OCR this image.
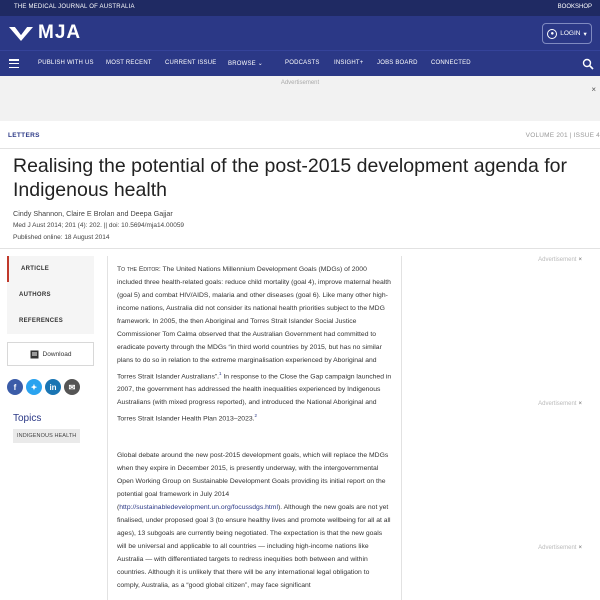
THE MEDICAL JOURNAL OF AUSTRALIA	BOOKSHOP
MJA	● LOGIN ▾
PUBLISH WITH US MOST RECENT CURRENT ISSUE BROWSE ⌄	PODCASTS INSIGHT+ JOBS BOARD CONNECTED
Advertisement
×
LETTERS	VOLUME 201 | ISSUE 4
Realising the potential of the post-2015 development agenda for Indigenous health
Cindy Shannon, Claire E Brolan and Deepa Gajjar
Med J Aust 2014; 201 (4): 202. || doi: 10.5694/mja14.00059
Published online: 18 August 2014
ARTICLE
AUTHORS
REFERENCES
Download
f	✦	in	✉
Topics
INDIGENOUS HEALTH

To the Editor: The United Nations Millennium Development Goals (MDGs) of 2000 included three health-related goals: reduce child mortality (goal 4), improve maternal health (goal 5) and combat HIV/AIDS, malaria and other diseases (goal 6). Like many other high-income nations, Australia did not consider its national health priorities subject to the MDG framework. In 2005, the then Aboriginal and Torres Strait Islander Social Justice Commissioner Tom Calma observed that the Australian Government had committed to eradicate poverty through the MDGs “in third world countries by 2015, but has no similar plans to do so in relation to the extreme marginalisation experienced by Aboriginal and Torres Strait Islander Australians”.$^1$ In response to the Close the Gap campaign launched in 2007, the government has addressed the health inequalities experienced by Indigenous Australians (with mixed progress reported), and introduced the National Aboriginal and Torres Strait Islander Health Plan 2013–2023.$^2$

Global debate around the new post-2015 development goals, which will replace the MDGs when they expire in December 2015, is presently underway, with the intergovernmental Open Working Group on Sustainable Development Goals providing its initial report on the potential goal framework in July 2014 (http://sustainabledevelopment.un.org/focussdgs.html). Although the new goals are not yet finalised, under proposed goal 3 (to ensure healthy lives and promote wellbeing for all at all ages), 13 subgoals are currently being negotiated. The expectation is that the new goals will be universal and applicable to all countries — including high-income nations like Australia — with differentiated targets to redress inequities both between and within countries. Although it is unlikely that there will be any international legal obligation to comply, Australia, as a “good global citizen”, may face significant

Advertisement ×
Advertisement ×
Advertisement ×
